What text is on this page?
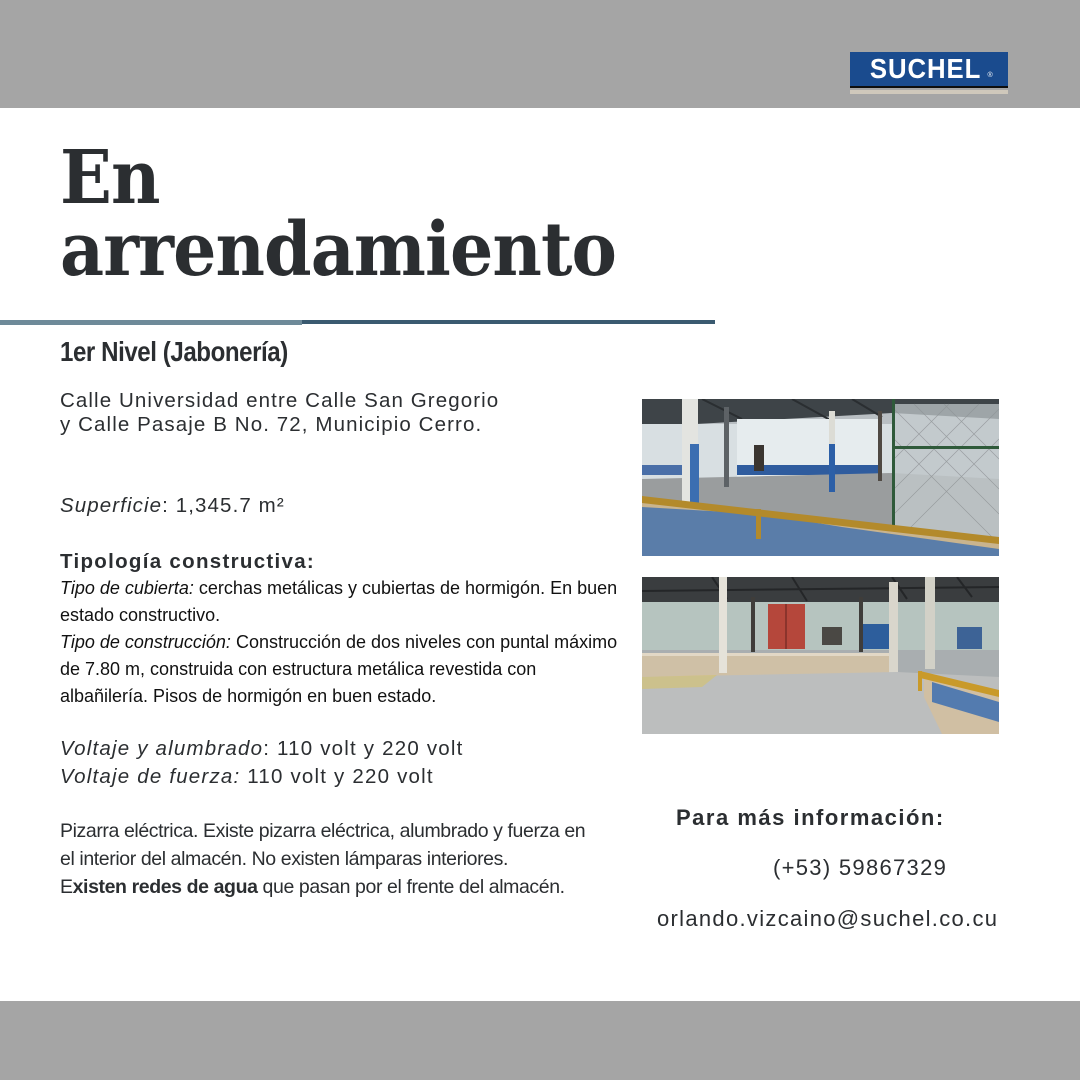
SUCHEL ®
En
arrendamiento
1er Nivel (Jabonería)
Calle Universidad entre Calle San Gregorio
y Calle Pasaje B No. 72, Municipio Cerro.
Superficie: 1,345.7 m²
Tipología constructiva:
Tipo de cubierta: cerchas metálicas y cubiertas de hormigón. En buen estado constructivo.
Tipo de construcción: Construcción de dos niveles con puntal máximo de 7.80 m, construida con estructura metálica revestida con albañilería. Pisos de hormigón en buen estado.
Voltaje y alumbrado: 110 volt y 220 volt
Voltaje de fuerza: 110 volt y 220 volt
Pizarra eléctrica. Existe pizarra eléctrica, alumbrado y fuerza en el interior del almacén. No existen lámparas interiores.
Existen redes de agua que pasan por el frente del almacén.
Para más información:
(+53) 59867329
orlando.vizcaino@suchel.co.cu
